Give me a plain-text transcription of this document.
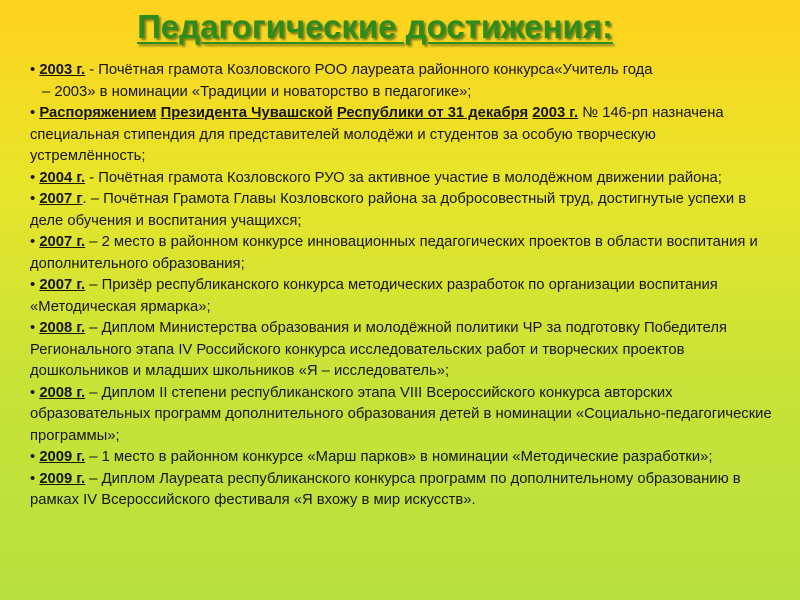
Педагогические достижения:
• 2003 г. - Почётная грамота Козловского РОО лауреата районного конкурса«Учитель года
– 2003» в номинации «Традиции и новаторство в педагогике»;
• Распоряжением Президента Чувашской Республики от 31 декабря 2003 г. № 146-рп назначена специальная стипендия для представителей молодёжи и студентов за особую творческую устремлённость;
• 2004 г. - Почётная грамота Козловского РУО за активное участие в молодёжном движении района;
• 2007 г. – Почётная Грамота Главы Козловского района за добросовестный труд, достигнутые успехи в деле обучения и воспитания учащихся;
• 2007 г. – 2 место в районном конкурсе инновационных педагогических проектов в области воспитания и дополнительного образования;
• 2007 г. – Призёр республиканского конкурса методических разработок по организации воспитания «Методическая ярмарка»;
• 2008 г. – Диплом Министерства образования и молодёжной политики ЧР за подготовку Победителя Регионального этапа IV Российского конкурса исследовательских работ и творческих проектов дошкольников и младших школьников «Я – исследователь»;
• 2008 г. – Диплом II степени республиканского этапа VIII Всероссийского конкурса авторских образовательных программ дополнительного образования детей в номинации «Социально-педагогические программы»;
• 2009 г. – 1 место в районном конкурсе «Марш парков» в номинации «Методические разработки»;
• 2009 г. – Диплом Лауреата республиканского конкурса программ по дополнительному образованию в рамках IV Всероссийского фестиваля «Я вхожу в мир искусств».
